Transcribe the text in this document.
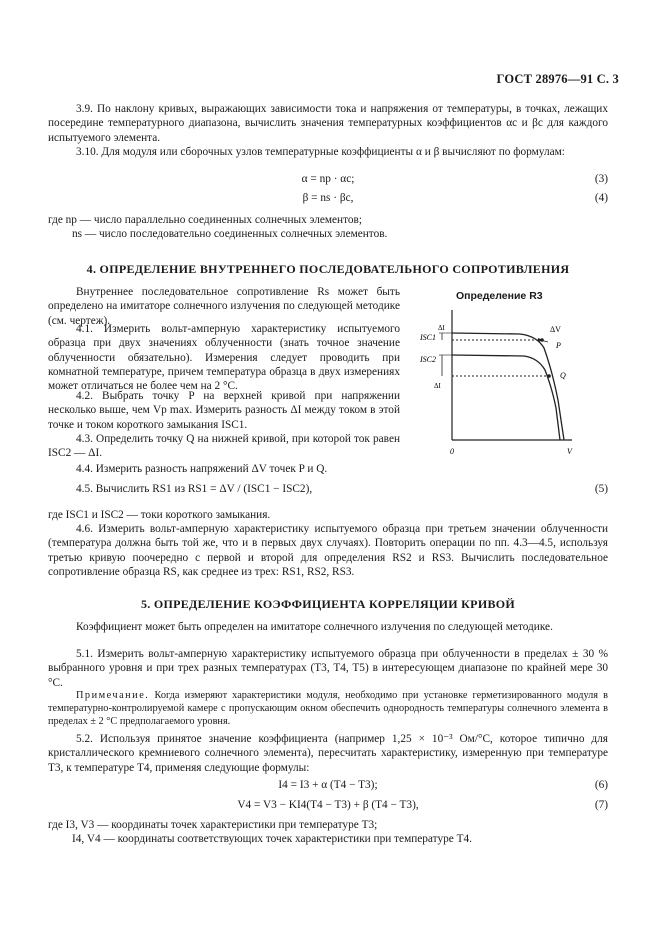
ГОСТ 28976—91 С. 3
3.9. По наклону кривых, выражающих зависимости тока и напряжения от температуры, в точках, лежащих посередине температурного диапазона, вычислить значения температурных коэффициентов αc и βc для каждого испытуемого элемента.
3.10. Для модуля или сборочных узлов температурные коэффициенты α и β вычисляют по формулам:
α = np · αc;	(3)
β = ns · βc,	(4)
где np — число параллельно соединенных солнечных элементов;
ns — число последовательно соединенных солнечных элементов.
4. ОПРЕДЕЛЕНИЕ ВНУТРЕННЕГО ПОСЛЕДОВАТЕЛЬНОГО СОПРОТИВЛЕНИЯ
Внутреннее последовательное сопротивление Rs может быть определено на имитаторе солнечного излучения по следующей методике (см. чертеж).
4.1. Измерить вольт-амперную характеристику испытуемого образца при двух значениях облученности (знать точное значение облученности обязательно). Измерения следует проводить при комнатной температуре, причем температура образца в двух измерениях может отличаться не более чем на 2 °С.
4.2. Выбрать точку P на верхней кривой при напряжении несколько выше, чем Vp max. Измерить разность ΔI между током в этой точке и током короткого замыкания ISC1.
4.3. Определить точку Q на нижней кривой, при которой ток равен ISC2 — ΔI.
4.4. Измерить разность напряжений ΔV точек P и Q.
4.5. Вычислить RS1 из RS1 = ΔV / (ISC1 − ISC2),	(5)
где ISC1 и ISC2 — токи короткого замыкания.
4.6. Измерить вольт-амперную характеристику испытуемого образца при третьем значении облученности (температура должна быть той же, что и в первых двух случаях). Повторить операции по пп. 4.3—4.5, используя третью кривую поочередно с первой и второй для определения RS2 и RS3. Вычислить последовательное сопротивление образца RS, как среднее из трех: RS1, RS2, RS3.
Определение R3
ISC1
ISC2
ΔI
ΔI
ΔV
P
Q
0	V
5. ОПРЕДЕЛЕНИЕ КОЭФФИЦИЕНТА КОРРЕЛЯЦИИ КРИВОЙ
Коэффициент может быть определен на имитаторе солнечного излучения по следующей методике.
5.1. Измерить вольт-амперную характеристику испытуемого образца при облученности в пределах ± 30 % выбранного уровня и при трех разных температурах (T3, T4, T5) в интересующем диапазоне по крайней мере 30 °С.
Примечание. Когда измеряют характеристики модуля, необходимо при установке герметизированного модуля в температурно-контролируемой камере с пропускающим окном обеспечить однородность температуры солнечного элемента в пределах ± 2 °С предполагаемого уровня.
5.2. Используя принятое значение коэффициента (например 1,25 × 10⁻³ Ом/°С, которое типично для кристаллического кремниевого солнечного элемента), пересчитать характеристику, измеренную при температуре T3, к температуре T4, применяя следующие формулы:
I4 = I3 + α (T4 − T3);	(6)
V4 = V3 − KI4(T4 − T3) + β (T4 − T3),	(7)
где I3, V3 — координаты точек характеристики при температуре T3;
I4, V4 — координаты соответствующих точек характеристики при температуре T4.
